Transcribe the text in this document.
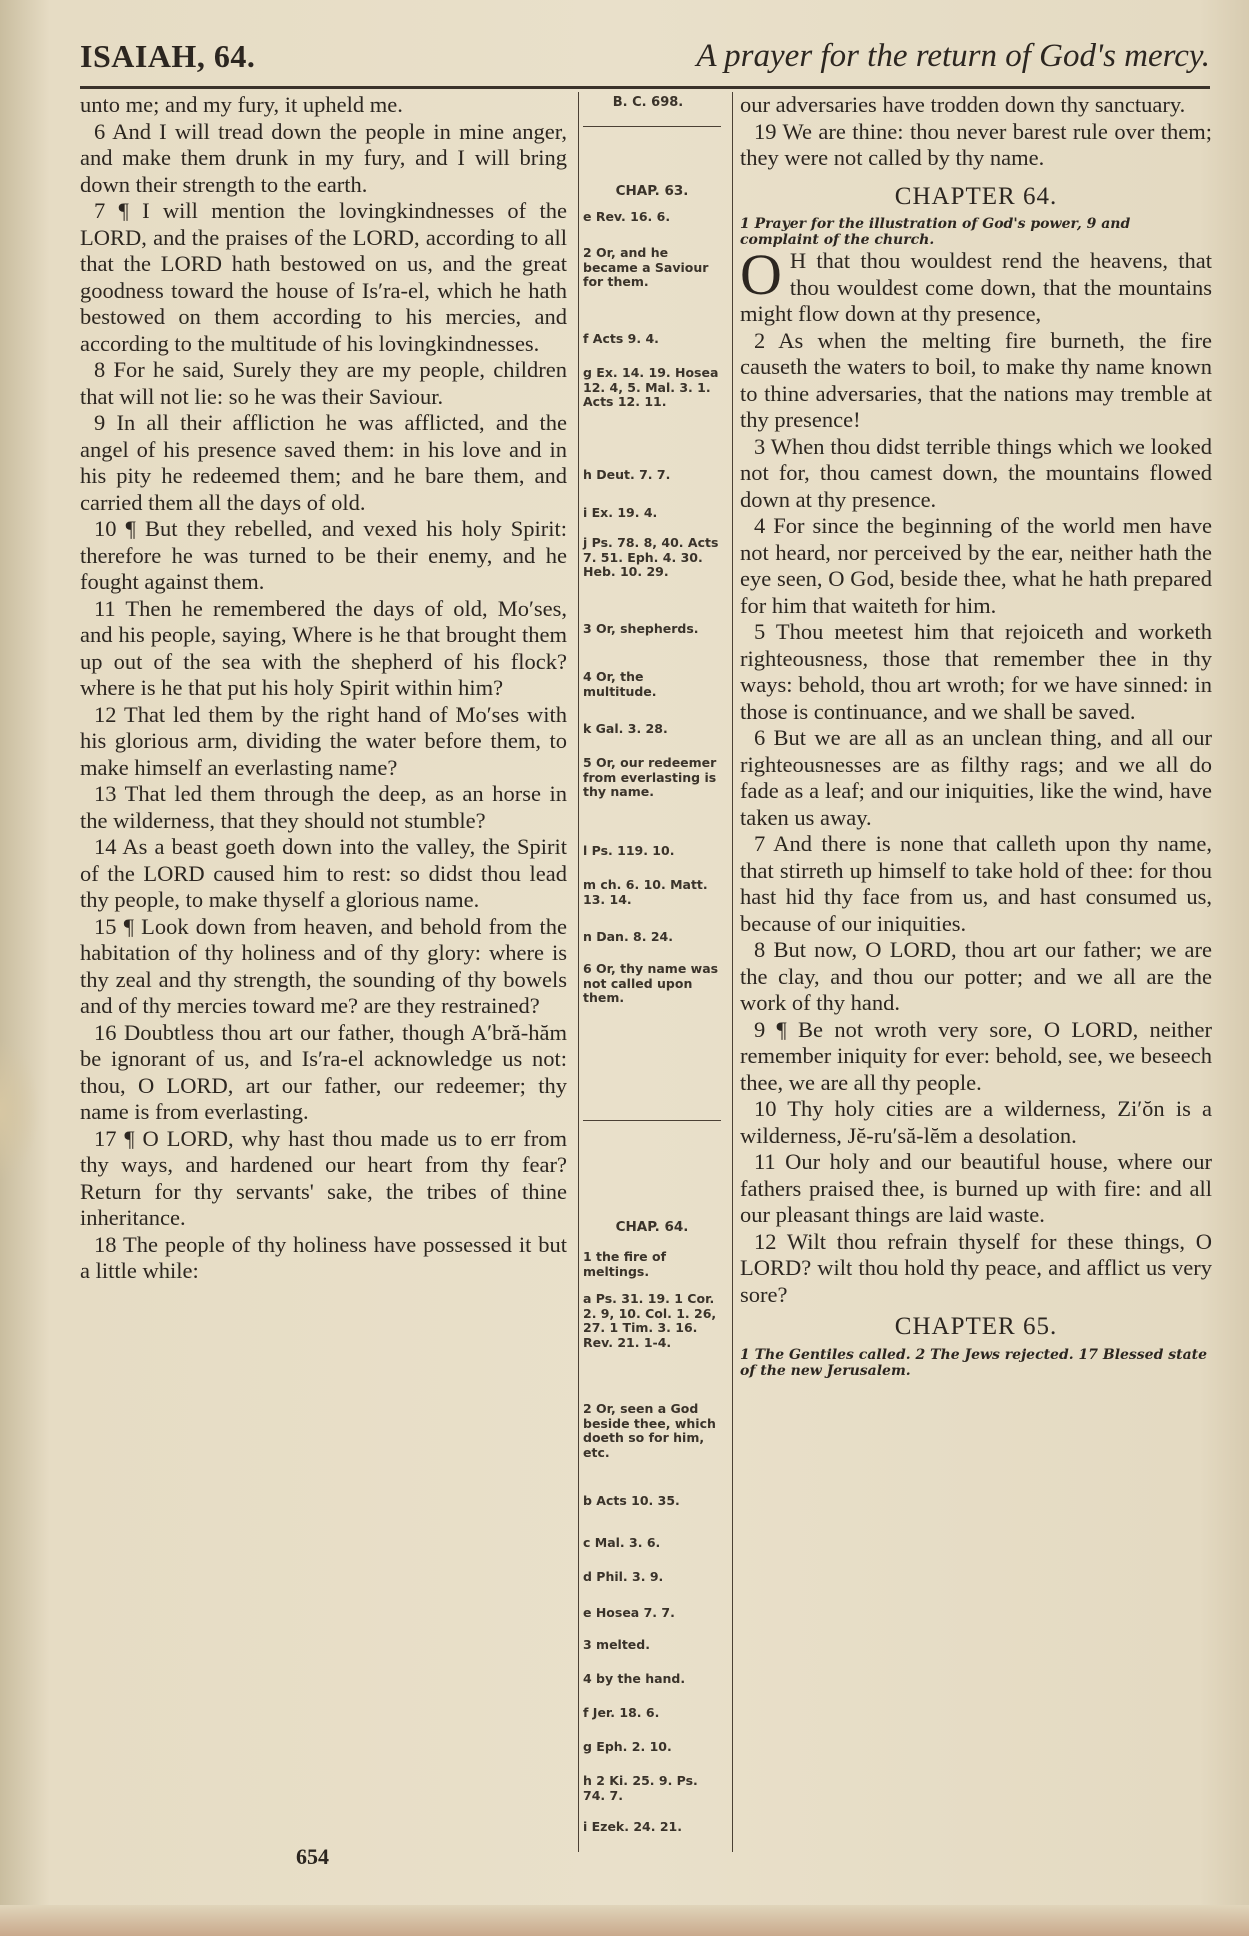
ISAIAH, 64.	A prayer for the return of God's mercy.

unto me; and my fury, it upheld me.

6 And I will tread down the people in mine anger, and make them drunk in my fury, and I will bring down their strength to the earth.

7 ¶ I will mention the lovingkindnesses of the LORD, and the praises of the LORD, according to all that the LORD hath bestowed on us, and the great goodness toward the house of Is′ra-el, which he hath bestowed on them according to his mercies, and according to the multitude of his lovingkindnesses.

8 For he said, Surely they are my people, children that will not lie: so he was their Saviour.

9 In all their affliction he was afflicted, and the angel of his presence saved them: in his love and in his pity he redeemed them; and he bare them, and carried them all the days of old.

10 ¶ But they rebelled, and vexed his holy Spirit: therefore he was turned to be their enemy, and he fought against them.

11 Then he remembered the days of old, Mo′ses, and his people, saying, Where is he that brought them up out of the sea with the shepherd of his flock? where is he that put his holy Spirit within him?

12 That led them by the right hand of Mo′ses with his glorious arm, dividing the water before them, to make himself an everlasting name?

13 That led them through the deep, as an horse in the wilderness, that they should not stumble?

14 As a beast goeth down into the valley, the Spirit of the LORD caused him to rest: so didst thou lead thy people, to make thyself a glorious name.

15 ¶ Look down from heaven, and behold from the habitation of thy holiness and of thy glory: where is thy zeal and thy strength, the sounding of thy bowels and of thy mercies toward me? are they restrained?

16 Doubtless thou art our father, though A′bră-hăm be ignorant of us, and Is′ra-el acknowledge us not: thou, O LORD, art our father, our redeemer; thy name is from everlasting.

17 ¶ O LORD, why hast thou made us to err from thy ways, and hardened our heart from thy fear? Return for thy servants' sake, the tribes of thine inheritance.

18 The people of thy holiness have possessed it but a little while:

B. C. 698.
CHAP. 63.
e Rev. 16. 6.
2 Or, and he became a Saviour for them.
f Acts 9. 4.
g Ex. 14. 19. Hosea 12. 4, 5. Mal. 3. 1. Acts 12. 11.
h Deut. 7. 7.
i Ex. 19. 4.
j Ps. 78. 8, 40. Acts 7. 51. Eph. 4. 30. Heb. 10. 29.
3 Or, shepherds.
4 Or, the multitude.
k Gal. 3. 28.
5 Or, our redeemer from everlasting is thy name.
l Ps. 119. 10.
m ch. 6. 10. Matt. 13. 14.
n Dan. 8. 24.
6 Or, thy name was not called upon them.
CHAP. 64.
1 the fire of meltings.
a Ps. 31. 19. 1 Cor. 2. 9, 10. Col. 1. 26, 27. 1 Tim. 3. 16. Rev. 21. 1-4.
2 Or, seen a God beside thee, which doeth so for him, etc.
b Acts 10. 35.
c Mal. 3. 6.
d Phil. 3. 9.
e Hosea 7. 7.
3 melted.
4 by the hand.
f Jer. 18. 6.
g Eph. 2. 10.
h 2 Ki. 25. 9. Ps. 74. 7.
i Ezek. 24. 21.

our adversaries have trodden down thy sanctuary.

19 We are thine: thou never barest rule over them; they were not called by thy name.

CHAPTER 64.

1 Prayer for the illustration of God's power, 9 and complaint of the church.

O H that thou wouldest rend the heavens, that thou wouldest come down, that the mountains might flow down at thy presence,

2 As when the melting fire burneth, the fire causeth the waters to boil, to make thy name known to thine adversaries, that the nations may tremble at thy presence!

3 When thou didst terrible things which we looked not for, thou camest down, the mountains flowed down at thy presence.

4 For since the beginning of the world men have not heard, nor perceived by the ear, neither hath the eye seen, O God, beside thee, what he hath prepared for him that waiteth for him.

5 Thou meetest him that rejoiceth and worketh righteousness, those that remember thee in thy ways: behold, thou art wroth; for we have sinned: in those is continuance, and we shall be saved.

6 But we are all as an unclean thing, and all our righteousnesses are as filthy rags; and we all do fade as a leaf; and our iniquities, like the wind, have taken us away.

7 And there is none that calleth upon thy name, that stirreth up himself to take hold of thee: for thou hast hid thy face from us, and hast consumed us, because of our iniquities.

8 But now, O LORD, thou art our father; we are the clay, and thou our potter; and we all are the work of thy hand.

9 ¶ Be not wroth very sore, O LORD, neither remember iniquity for ever: behold, see, we beseech thee, we are all thy people.

10 Thy holy cities are a wilderness, Zi′ŏn is a wilderness, Jĕ-ru′să-lĕm a desolation.

11 Our holy and our beautiful house, where our fathers praised thee, is burned up with fire: and all our pleasant things are laid waste.

12 Wilt thou refrain thyself for these things, O LORD? wilt thou hold thy peace, and afflict us very sore?

CHAPTER 65.

1 The Gentiles called. 2 The Jews rejected. 17 Blessed state of the new Jerusalem.

654
